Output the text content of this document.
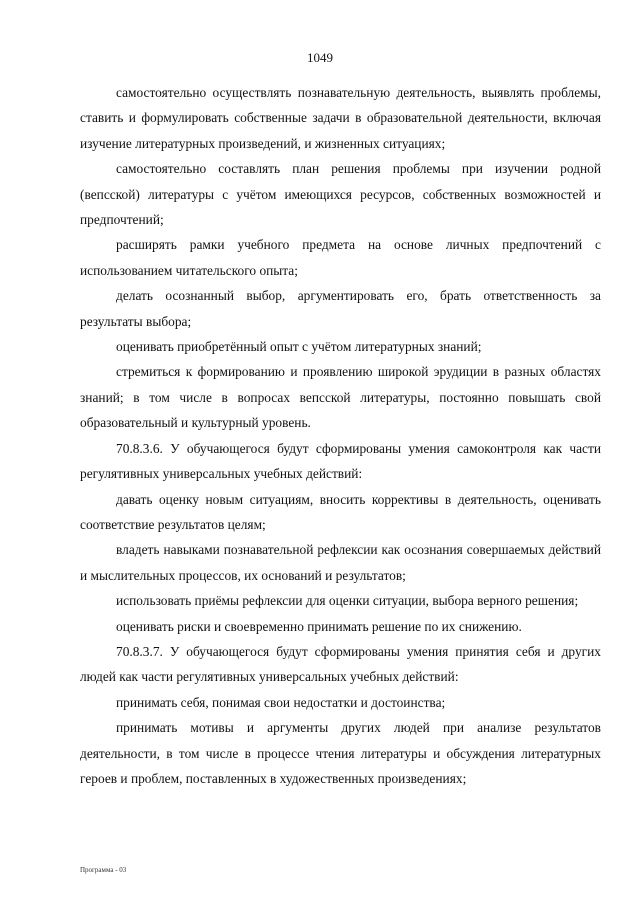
1049

самостоятельно осуществлять познавательную деятельность, выявлять проблемы, ставить и формулировать собственные задачи в образовательной деятельности, включая изучение литературных произведений, и жизненных ситуациях;

самостоятельно составлять план решения проблемы при изучении родной (вепсской) литературы с учётом имеющихся ресурсов, собственных возможностей и предпочтений;

расширять рамки учебного предмета на основе личных предпочтений с использованием читательского опыта;

делать осознанный выбор, аргументировать его, брать ответственность за результаты выбора;

оценивать приобретённый опыт с учётом литературных знаний;

стремиться к формированию и проявлению широкой эрудиции в разных областях знаний; в том числе в вопросах вепсской литературы, постоянно повышать свой образовательный и культурный уровень.

70.8.3.6. У обучающегося будут сформированы умения самоконтроля как части регулятивных универсальных учебных действий:

давать оценку новым ситуациям, вносить коррективы в деятельность, оценивать соответствие результатов целям;

владеть навыками познавательной рефлексии как осознания совершаемых действий и мыслительных процессов, их оснований и результатов;

использовать приёмы рефлексии для оценки ситуации, выбора верного решения;

оценивать риски и своевременно принимать решение по их снижению.

70.8.3.7. У обучающегося будут сформированы умения принятия себя и других людей как части регулятивных универсальных учебных действий:

принимать себя, понимая свои недостатки и достоинства;

принимать мотивы и аргументы других людей при анализе результатов деятельности, в том числе в процессе чтения литературы и обсуждения литературных героев и проблем, поставленных в художественных произведениях;

Программа - 03
